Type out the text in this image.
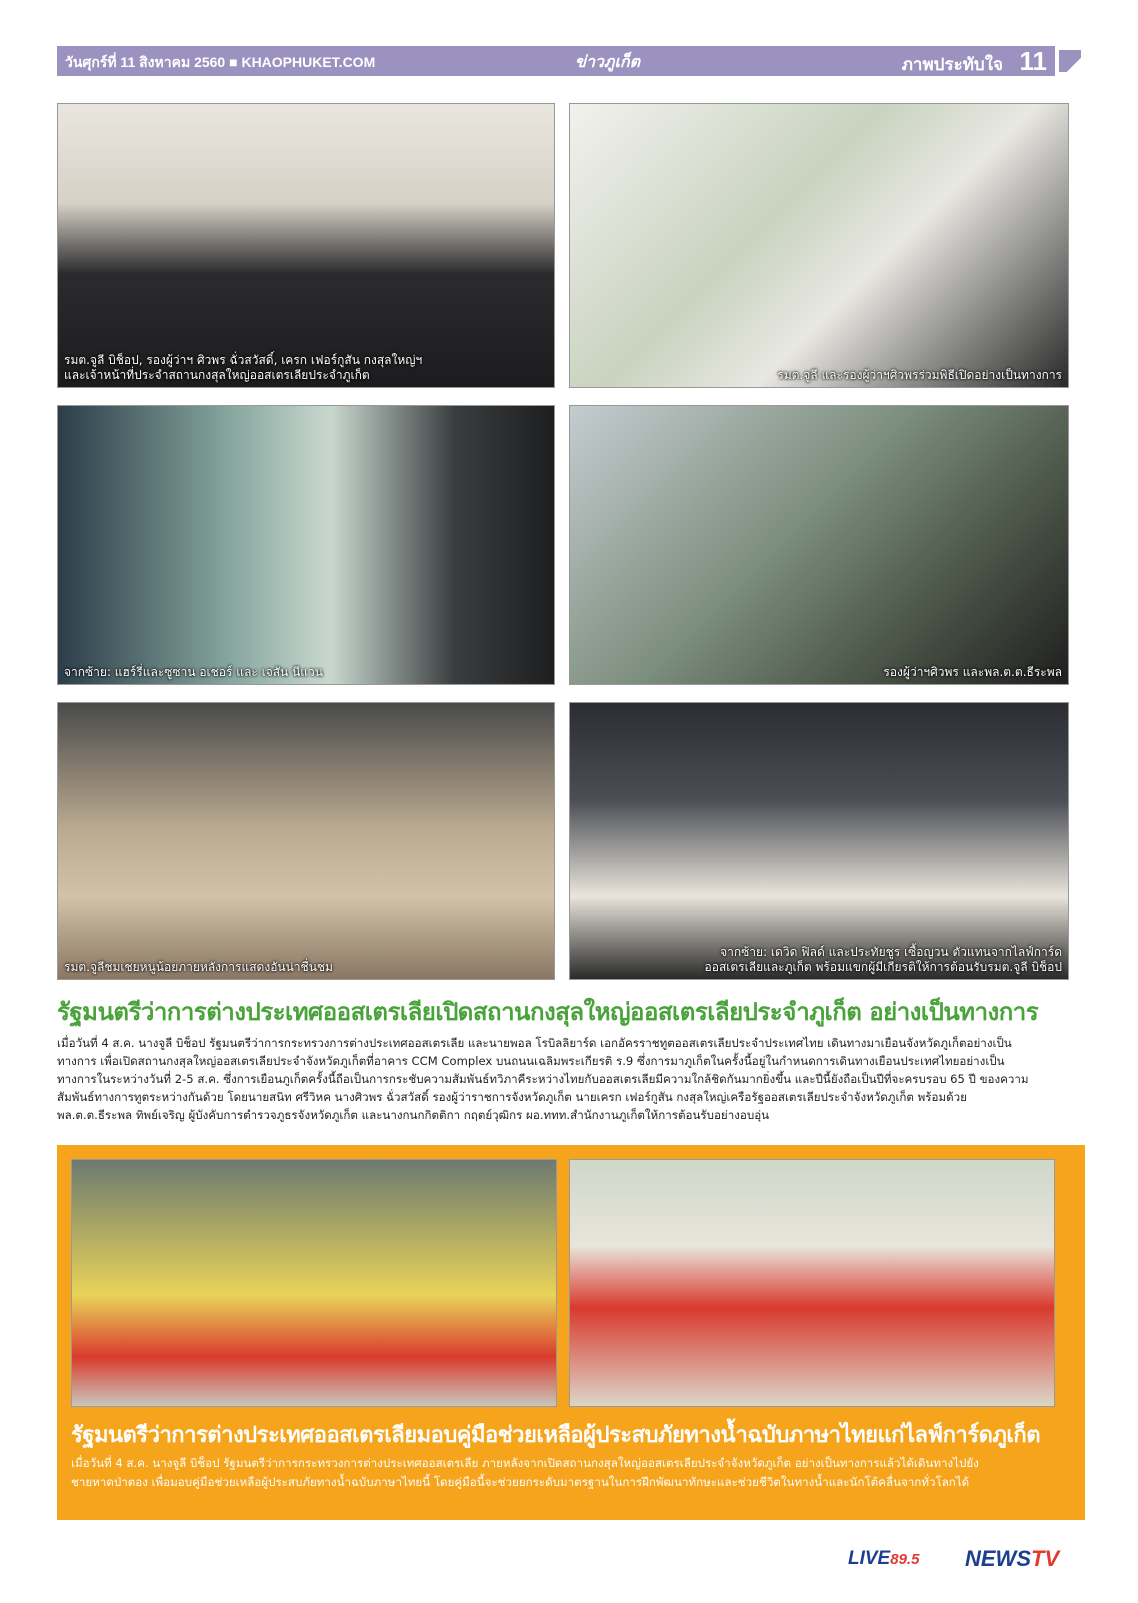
วันศุกร์ที่ 11 สิงหาคม 2560 ■ KHAOPHUKET.COM	ข่าวภูเก็ต	ภาพประทับใจ 11
รมต.จูลี บิช็อป, รองผู้ว่าฯ ศิวพร ฉั่วสวัสดิ์, เครก เฟอร์กูสัน กงสุลใหญ่ฯ
และเจ้าหน้าที่ประจำสถานกงสุลใหญ่ออสเตรเลียประจำภูเก็ต	รมต.จูลี และรองผู้ว่าฯศิวพรร่วมพิธีเปิดอย่างเป็นทางการ
จากซ้าย: แฮร์รี่และซูซาน อเชอร์ และ เจสัน นีแวน	รองผู้ว่าฯศิวพร และพล.ต.ต.ธีระพล
รมต.จูลีชมเชยหนูน้อยภายหลังการแสดงอันน่าชื่นชม
จากซ้าย: เดวิด ฟิลด์ และประทัยชูร เซื้อญวน ตัวแทนจากไลฟ์การ์ด
ออสเตรเลียและภูเก็ต พร้อมแขกผู้มีเกียรติให้การต้อนรับรมต.จูลี บิช็อป
รัฐมนตรีว่าการต่างประเทศออสเตรเลียเปิดสถานกงสุลใหญ่ออสเตรเลียประจำภูเก็ต อย่างเป็นทางการ
เมื่อวันที่ 4 ส.ค. นางจูลี บิช็อป รัฐมนตรีว่าการกระทรวงการต่างประเทศออสเตรเลีย และนายพอล โรบิลลิยาร์ด เอกอัครราชทูตออสเตรเลียประจำประเทศไทย เดินทางมาเยือนจังหวัดภูเก็ตอย่างเป็น
ทางการ เพื่อเปิดสถานกงสุลใหญ่ออสเตรเลียประจำจังหวัดภูเก็ตที่อาคาร CCM Complex บนถนนเฉลิมพระเกียรติ ร.9 ซึ่งการมาภูเก็ตในครั้งนี้อยู่ในกำหนดการเดินทางเยือนประเทศไทยอย่างเป็น
ทางการในระหว่างวันที่ 2-5 ส.ค. ซึ่งการเยือนภูเก็ตครั้งนี้ถือเป็นการกระชับความสัมพันธ์ทวิภาคีระหว่างไทยกับออสเตรเลียมีความใกล้ชิดกันมากยิ่งขึ้น และปีนี้ยังถือเป็นปีที่จะครบรอบ 65 ปี ของความ
สัมพันธ์ทางการทูตระหว่างกันด้วย โดยนายสนิท ศรีวิหค นางศิวพร ฉั่วสวัสดิ์ รองผู้ว่าราชการจังหวัดภูเก็ต นายเครก เฟอร์กูสัน กงสุลใหญ่เครือรัฐออสเตรเลียประจำจังหวัดภูเก็ต พร้อมด้วย
พล.ต.ต.ธีระพล ทิพย์เจริญ ผู้บังคับการตำรวจภูธรจังหวัดภูเก็ต และนางกนกกิตติกา กฤตย์วุฒิกร ผอ.ททท.สำนักงานภูเก็ตให้การต้อนรับอย่างอบอุ่น
รัฐมนตรีว่าการต่างประเทศออสเตรเลียมอบคู่มือช่วยเหลือผู้ประสบภัยทางน้ำฉบับภาษาไทยแก่ไลฟ์การ์ดภูเก็ต
เมื่อวันที่ 4 ส.ค. นางจูลี บิช็อป รัฐมนตรีว่าการกระทรวงการต่างประเทศออสเตรเลีย ภายหลังจากเปิดสถานกงสุลใหญ่ออสเตรเลียประจำจังหวัดภูเก็ต อย่างเป็นทางการแล้วได้เดินทางไปยัง
ชายหาดป่าตอง เพื่อมอบคู่มือช่วยเหลือผู้ประสบภัยทางน้ำฉบับภาษาไทยนี้ โดยคู่มือนี้จะช่วยยกระดับมาตรฐานในการฝึกพัฒนาทักษะและช่วยชีวิตในทางน้ำและนักโต้คลื่นจากทั่วโลกได้
LIVE89.5 NEWSTV
